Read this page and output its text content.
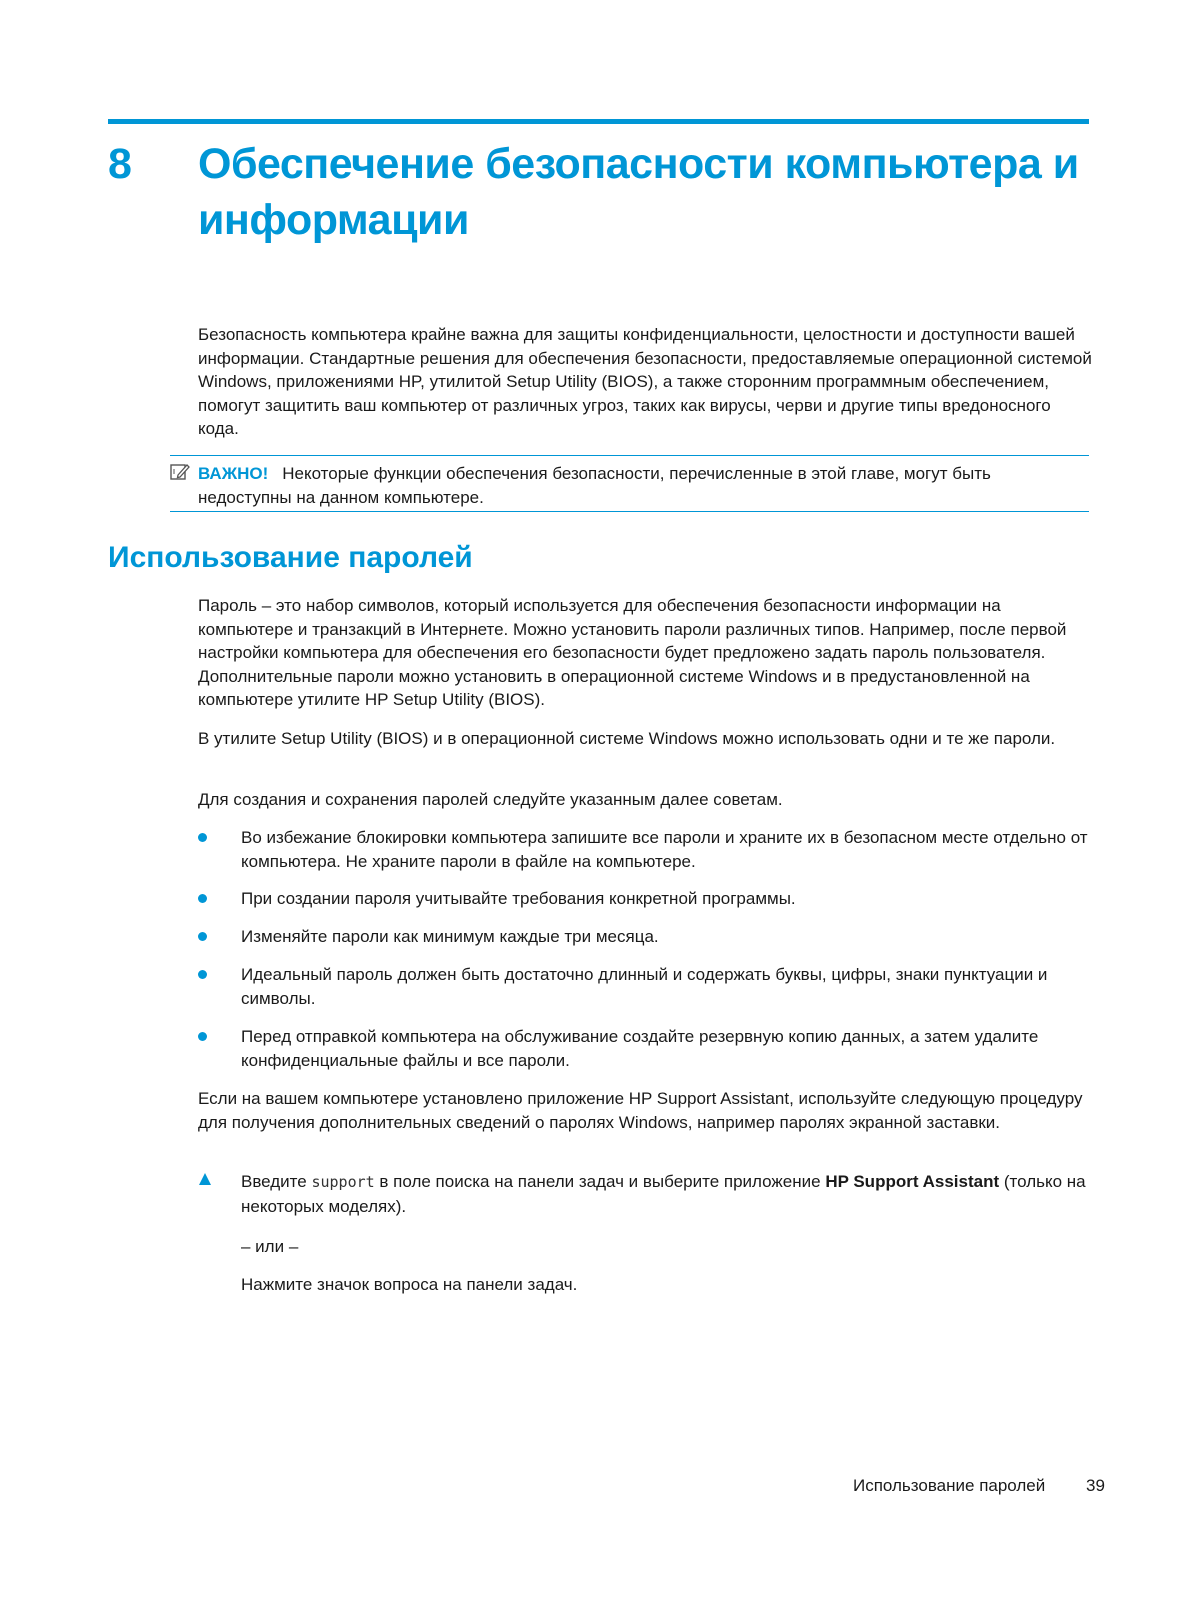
8 Обеспечение безопасности компьютера и информации
Безопасность компьютера крайне важна для защиты конфиденциальности, целостности и доступности вашей информации. Стандартные решения для обеспечения безопасности, предоставляемые операционной системой Windows, приложениями HP, утилитой Setup Utility (BIOS), а также сторонним программным обеспечением, помогут защитить ваш компьютер от различных угроз, таких как вирусы, черви и другие типы вредоносного кода.
ВАЖНО! Некоторые функции обеспечения безопасности, перечисленные в этой главе, могут быть недоступны на данном компьютере.
Использование паролей
Пароль – это набор символов, который используется для обеспечения безопасности информации на компьютере и транзакций в Интернете. Можно установить пароли различных типов. Например, после первой настройки компьютера для обеспечения его безопасности будет предложено задать пароль пользователя. Дополнительные пароли можно установить в операционной системе Windows и в предустановленной на компьютере утилите HP Setup Utility (BIOS).
В утилите Setup Utility (BIOS) и в операционной системе Windows можно использовать одни и те же пароли.
Для создания и сохранения паролей следуйте указанным далее советам.
Во избежание блокировки компьютера запишите все пароли и храните их в безопасном месте отдельно от компьютера. Не храните пароли в файле на компьютере.
При создании пароля учитывайте требования конкретной программы.
Изменяйте пароли как минимум каждые три месяца.
Идеальный пароль должен быть достаточно длинный и содержать буквы, цифры, знаки пунктуации и символы.
Перед отправкой компьютера на обслуживание создайте резервную копию данных, а затем удалите конфиденциальные файлы и все пароли.
Если на вашем компьютере установлено приложение HP Support Assistant, используйте следующую процедуру для получения дополнительных сведений о паролях Windows, например паролях экранной заставки.
Введите support в поле поиска на панели задач и выберите приложение HP Support Assistant (только на некоторых моделях).
– или –
Нажмите значок вопроса на панели задач.
Использование паролей 39
